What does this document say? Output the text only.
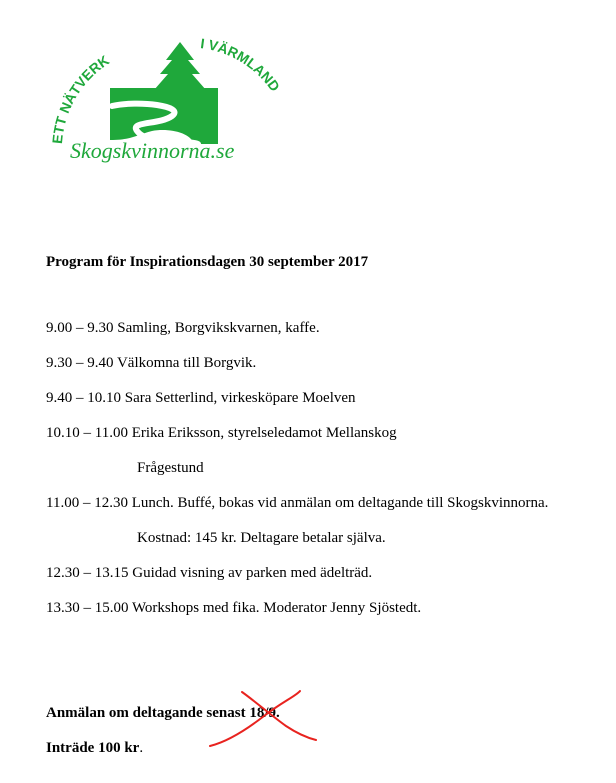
ETT NÄTVERK
I VÄRMLAND
Skogskvinnorna.se
Program för Inspirationsdagen 30 september 2017
9.00 – 9.30 Samling, Borgvikskvarnen, kaffe.
9.30 – 9.40 Välkomna till Borgvik.
9.40 – 10.10 Sara Setterlind, virkesköpare Moelven
10.10 – 11.00 Erika Eriksson, styrelseledamot Mellanskog
Frågestund
11.00 – 12.30 Lunch. Buffé, bokas vid anmälan om deltagande till Skogskvinnorna.
Kostnad: 145 kr. Deltagare betalar själva.
12.30 – 13.15 Guidad visning av parken med ädelträd.
13.30 – 15.00 Workshops med fika. Moderator Jenny Sjöstedt.
Anmälan om deltagande senast 18/9.
Inträde 100 kr.
